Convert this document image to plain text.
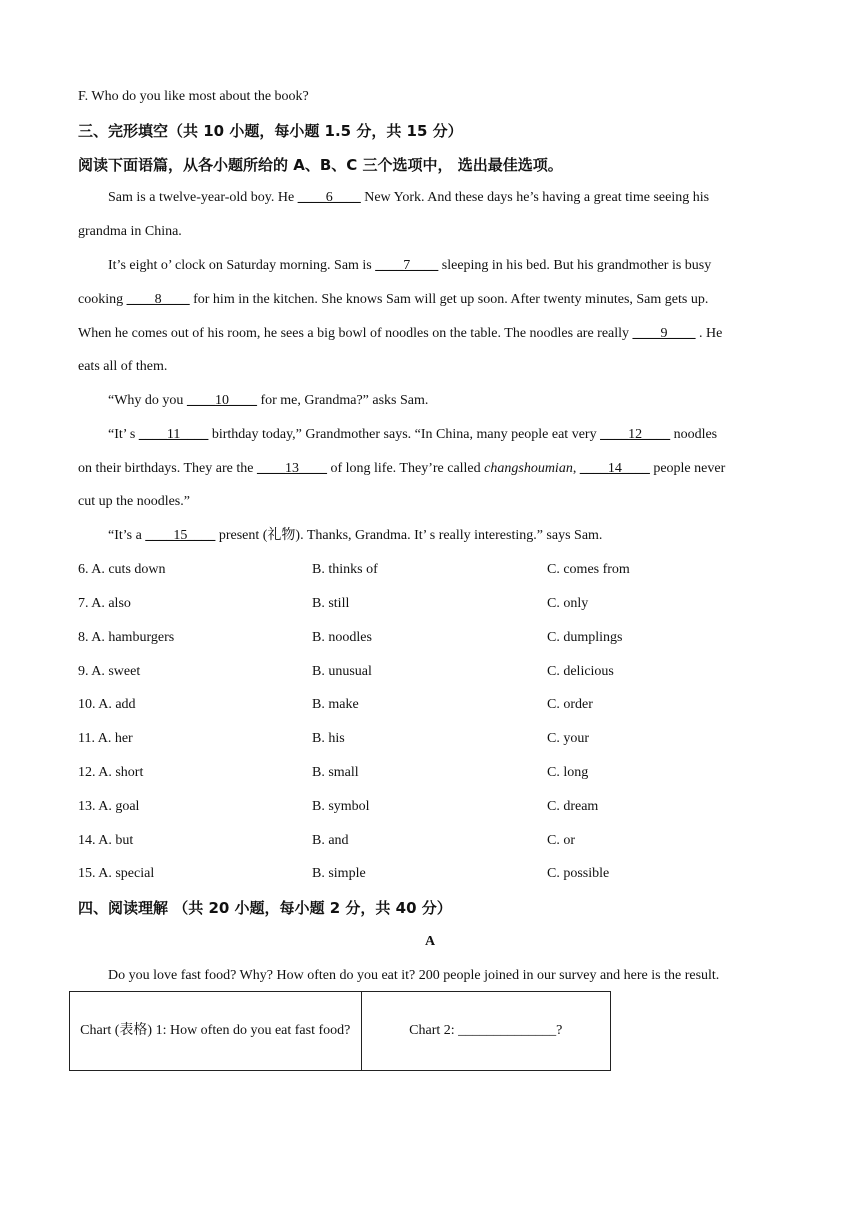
F. Who do you like most about the book?
三、完形填空（共 10 小题，每小题 1.5 分，共 15 分）
阅读下面语篇，从各小题所给的 A、B、C 三个选项中， 选出最佳选项。
Sam is a twelve-year-old boy. He ____6____ New York. And these days he’s having a great time seeing his
grandma in China.
It’s eight o’ clock on Saturday morning. Sam is ____7____ sleeping in his bed. But his grandmother is busy
cooking ____8____ for him in the kitchen. She knows Sam will get up soon. After twenty minutes, Sam gets up.
When he comes out of his room, he sees a big bowl of noodles on the table. The noodles are really ____9____ . He
eats all of them.
“Why do you ____10____ for me, Grandma?” asks Sam.
“It’ s ____11____ birthday today,” Grandmother says. “In China, many people eat very ____12____ noodles
on their birthdays. They are the ____13____ of long life. They’re called changshoumian, ____14____ people never
cut up the noodles.”
“It’s a ____15____ present (礼物). Thanks, Grandma. It’ s really interesting.” says Sam.
6. A. cuts down	B. thinks of	C. comes from
7. A. also	B. still	C. only
8. A. hamburgers	B. noodles	C. dumplings
9. A. sweet	B. unusual	C. delicious
10. A. add	B. make	C. order
11. A. her	B. his	C. your
12. A. short	B. small	C. long
13. A. goal	B. symbol	C. dream
14. A. but	B. and	C. or
15. A. special	B. simple	C. possible
四、阅读理解 （共 20 小题，每小题 2 分，共 40 分）
A
Do you love fast food? Why? How often do you eat it? 200 people joined in our survey and here is the result.
Chart (表格) 1: How often do you eat fast food?	Chart 2: ______________?
